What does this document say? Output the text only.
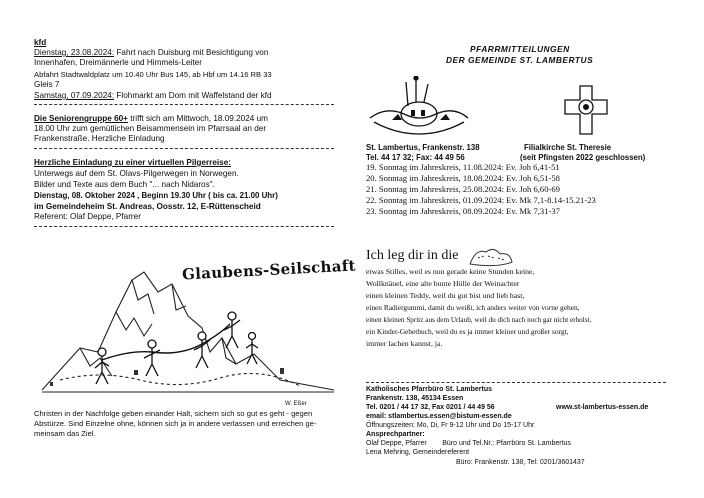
kfd
Dienstag, 23.08.2024: Fahrt nach Duisburg mit Besichtigung von
Innenhafen, Dreimännerle und Himmels-Leiter
Abfahrt Stadtwaldplatz um 10.40 Uhr Bus 145, ab Hbf um 14.16 RB 33
Gleis 7
Samstag, 07.09.2024: Flohmarkt am Dom mit Waffelstand der kfd
Die Seniorengruppe 60+ trifft sich am Mittwoch, 18.09.2024 um
18.00 Uhr zum gemütlichen Beisammensein im Pfarrsaal an der
Frankenstraße. Herzliche Einladung
Herzliche Einladung zu einer virtuellen Pilgerreise:
Unterwegs auf dem St. Olavs-Pilgerwegen in Norwegen.
Bilder und Texte aus dem Buch "... nach Nidaros".
Dienstag, 08. Oktober 2024 , Beginn 19.30 Uhr ( bis ca. 21.00 Uhr)
im Gemeindeheim St. Andreas, Oosstr. 12, E-Rüttenscheid
Referent: Olaf Deppe, Pfarrer
Glaubens-Seilschaft
W. Eßer
Christen in der Nachfolge geben einander Halt, sichern sich so gut es geht - gegen
Abstürze. Sind Einzelne ohne, können sich ja in andere verlassen und erreichen ge-
meinsam das Ziel.
PFARRMITTEILUNGEN
DER GEMEINDE ST. LAMBERTUS
St. Lambertus, Frankenstr. 138
Tel. 44 17 32; Fax: 44 49 56
Filialkirche St. Theresie
(seit Pfingsten 2022 geschlossen)
19. Sonntag im Jahreskreis, 11.08.2024: Ev. Joh 6,41-51
20. Sonntag im Jahreskreis, 18.08.2024: Ev. Joh 6,51-58
21. Sonntag im Jahreskreis, 25.08.2024: Ev. Joh 6,60-69
22. Sonntag im Jahreskreis, 01.09.2024: Ev. Mk 7,1-8.14-15.21-23
23. Sonntag im Jahreskreis, 08.09.2024: Ev. Mk 7,31-37
Ich leg dir in die
etwas Stilles, weil es nun gerade keine Stunden keine,
Wollknäuel, eine alte bunte Hülle der Weinachter
einen kleinen Teddy, weil du gut bist und lieb hast,
einen Radiergummi, damit du weißt, ich anders weiter von vorne gehen,
einen kleinen Spritz aus dem Urlaub, weil du dich nach noch gar nicht erholst,
ein Kinder-Gebetbuch, weil du es ja immer kleiner und großer sorgt,
immer lachen kannst, ja.
Katholisches Pfarrbüro St. Lambertus
Frankenstr. 138, 45134 Essen
Tel. 0201 / 44 17 32, Fax 0201 / 44 49 56	www.st-lambertus-essen.de
email: stlambertus.essen@bistum-essen.de
Öffnungszeiten: Mo, Di, Fr 9-12 Uhr und Do 15-17 Uhr
Ansprechpartner:
Olaf Deppe, Pfarrer        Büro und Tel.Nr.: Pfarrbüro St. Lambertus
Lena Mehring, Gemeindereferent
Büro: Frankenstr. 138, Tel: 0201/3601437
